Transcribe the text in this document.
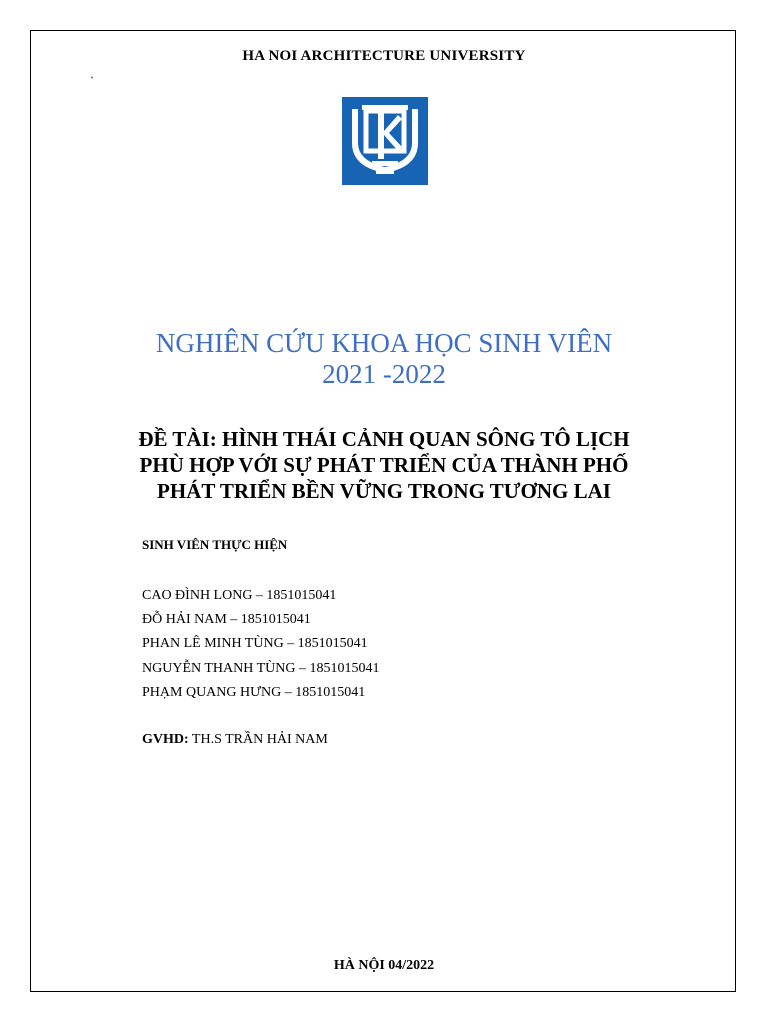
HA NOI ARCHITECTURE UNIVERSITY
`
NGHIÊN CỨU KHOA HỌC SINH VIÊN
2021 -2022
ĐỀ TÀI: HÌNH THÁI CẢNH QUAN SÔNG TÔ LỊCH
PHÙ HỢP VỚI SỰ PHÁT TRIỂN CỦA THÀNH PHỐ
PHÁT TRIỂN BỀN VỮNG TRONG TƯƠNG LAI
SINH VIÊN THỰC HIỆN
CAO ĐÌNH LONG – 1851015041
ĐỖ HẢI NAM – 1851015041
PHAN LÊ MINH TÙNG – 1851015041
NGUYỄN THANH TÙNG – 1851015041
PHẠM QUANG HƯNG – 1851015041
GVHD: TH.S TRẦN HẢI NAM
HÀ NỘI 04/2022
